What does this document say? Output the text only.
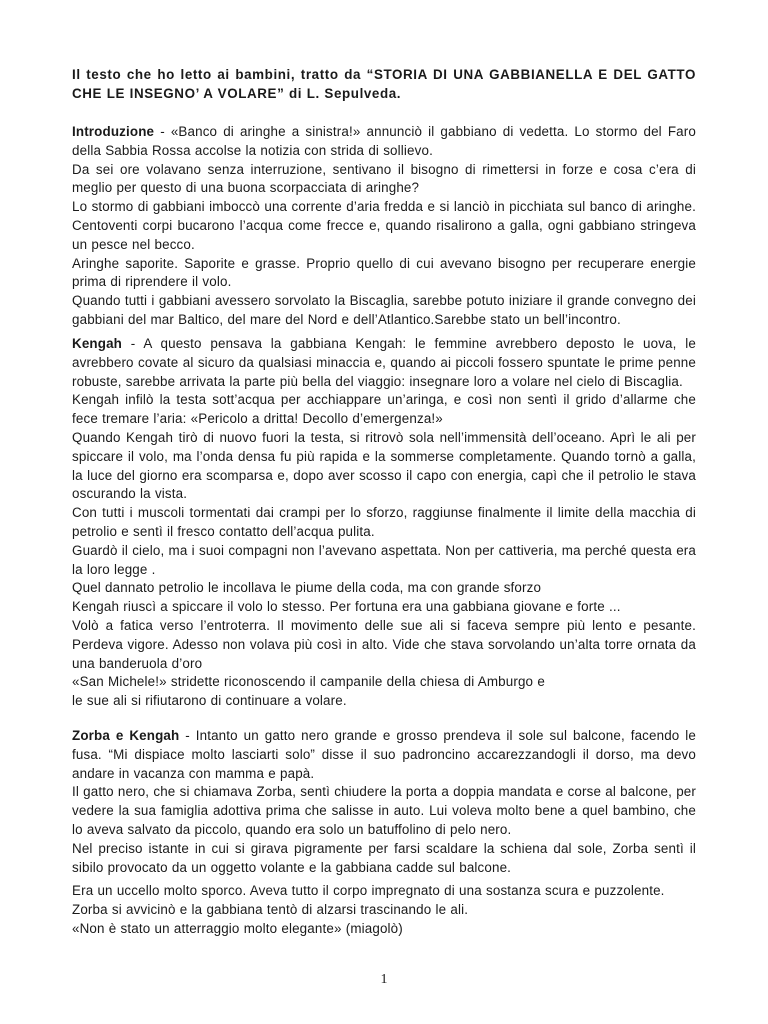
Il testo che ho letto ai bambini, tratto da “STORIA DI UNA GABBIANELLA E DEL GATTO CHE LE INSEGNO’ A VOLARE” di L. Sepulveda.

Introduzione - «Banco di aringhe a sinistra!» annunciò il gabbiano di vedetta. Lo stormo del Faro della Sabbia Rossa accolse la notizia con strida di sollievo.

Da sei ore volavano senza interruzione, sentivano il bisogno di rimettersi in forze e cosa c’era di meglio per questo di una buona scorpacciata di aringhe?

Lo stormo di gabbiani imboccò una corrente d’aria fredda e si lanciò in picchiata sul banco di aringhe. Centoventi corpi bucarono l’acqua come frecce e, quando risalirono a galla, ogni gabbiano stringeva un pesce nel becco.

Aringhe saporite. Saporite e grasse. Proprio quello di cui avevano bisogno per recuperare energie prima di riprendere il volo.

Quando tutti i gabbiani avessero sorvolato la Biscaglia, sarebbe potuto iniziare il grande convegno dei gabbiani del mar Baltico, del mare del Nord e dell’Atlantico.Sarebbe stato un bell’incontro.

Kengah - A questo pensava la gabbiana Kengah: le femmine avrebbero deposto le uova, le avrebbero covate al sicuro da qualsiasi minaccia e, quando ai piccoli fossero spuntate le prime penne robuste, sarebbe arrivata la parte più bella del viaggio: insegnare loro a volare nel cielo di Biscaglia.

Kengah infilò la testa sott’acqua per acchiappare un’aringa, e così non sentì il grido d’allarme che fece tremare l’aria: «Pericolo a dritta! Decollo d’emergenza!»

Quando Kengah tirò di nuovo fuori la testa, si ritrovò sola nell’immensità dell’oceano. Aprì le ali per spiccare il volo, ma l’onda densa fu più rapida e la sommerse completamente. Quando tornò a galla, la luce del giorno era scomparsa e, dopo aver scosso il capo con energia, capì che il petrolio le stava oscurando la vista.

Con tutti i muscoli tormentati dai crampi per lo sforzo, raggiunse finalmente il limite della macchia di petrolio e sentì il fresco contatto dell’acqua pulita.

Guardò il cielo, ma i suoi compagni non l’avevano aspettata. Non per cattiveria, ma perché questa era la loro legge .

Quel dannato petrolio le incollava le piume della coda, ma con grande sforzo

Kengah riuscì a spiccare il volo lo stesso. Per fortuna era una gabbiana giovane e forte ...

Volò a fatica verso l’entroterra. Il movimento delle sue ali si faceva sempre più lento e pesante. Perdeva vigore. Adesso non volava più così in alto. Vide che stava sorvolando un’alta torre ornata da una banderuola d’oro

«San Michele!» stridette riconoscendo il campanile della chiesa di Amburgo e

le sue ali si rifiutarono di continuare a volare.

Zorba e Kengah - Intanto un gatto nero grande e grosso prendeva il sole sul balcone, facendo le fusa. “Mi dispiace molto lasciarti solo” disse il suo padroncino accarezzandogli il dorso, ma devo andare in vacanza con mamma e papà.

Il gatto nero, che si chiamava Zorba, sentì chiudere la porta a doppia mandata e corse al balcone, per vedere la sua famiglia adottiva prima che salisse in auto. Lui voleva molto bene a quel bambino, che lo aveva salvato da piccolo, quando era solo un batuffolino di pelo nero.

Nel preciso istante in cui si girava pigramente per farsi scaldare la schiena dal sole, Zorba sentì il sibilo provocato da un oggetto volante e la gabbiana cadde sul balcone.

Era un uccello molto sporco. Aveva tutto il corpo impregnato di una sostanza scura e puzzolente.

Zorba si avvicinò e la gabbiana tentò di alzarsi trascinando le ali.

«Non è stato un atterraggio molto elegante» (miagolò)

1
